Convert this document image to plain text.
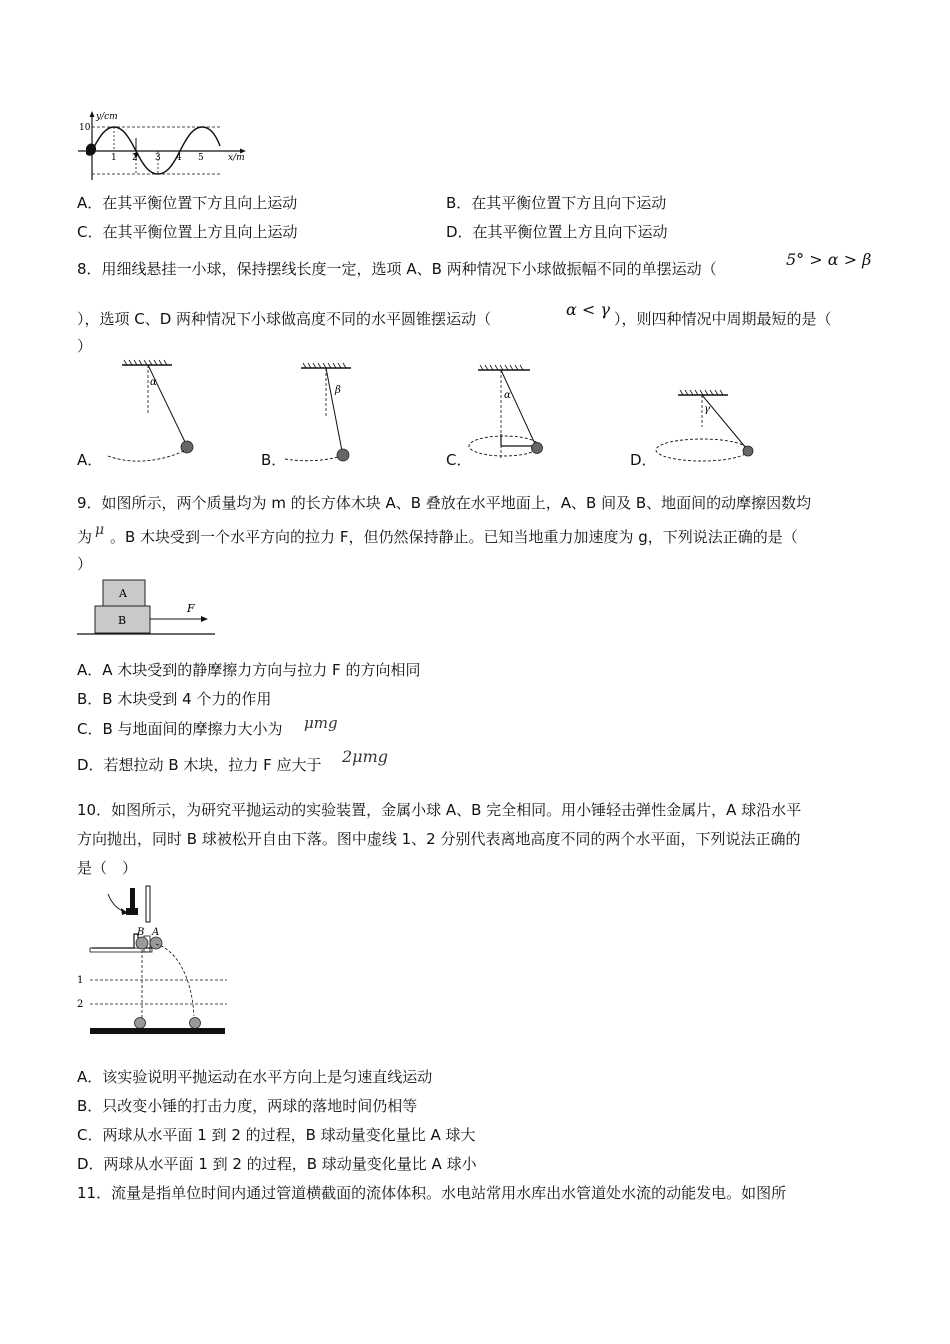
y/cm
10
x/m
1 2 3 4 5
A．在其平衡位置下方且向上运动	B．在其平衡位置下方且向下运动
C．在其平衡位置上方且向上运动	D．在其平衡位置上方且向下运动
8．用细线悬挂一小球，保持摆线长度一定，选项 A、B 两种情况下小球做振幅不同的单摆运动（	5° > α > β
），选项 C、D 两种情况下小球做高度不同的水平圆锥摆运动（	α < γ ），则四种情况中周期最短的是（
）
A．	B．	C．	D．
α
β	α
γ
9．如图所示，两个质量均为 m 的长方体木块 A、B 叠放在水平地面上，A、B 间及 B、地面间的动摩擦因数均
为 μ 。B 木块受到一个水平方向的拉力 F，但仍然保持静止。已知当地重力加速度为 g，下列说法正确的是（
）
A
B
F
A．A 木块受到的静摩擦力方向与拉力 F 的方向相同
B．B 木块受到 4 个力的作用
C．B 与地面间的摩擦力大小为 μmg
D．若想拉动 B 木块，拉力 F 应大于 2μmg
10．如图所示，为研究平抛运动的实验装置，金属小球 A、B 完全相同。用小锤轻击弹性金属片，A 球沿水平
方向抛出，同时 B 球被松开自由下落。图中虚线 1、2 分别代表离地高度不同的两个水平面，下列说法正确的
是（　）
B A
1
2
A．该实验说明平抛运动在水平方向上是匀速直线运动
B．只改变小锤的打击力度，两球的落地时间仍相等
C．两球从水平面 1 到 2 的过程，B 球动量变化量比 A 球大
D．两球从水平面 1 到 2 的过程，B 球动量变化量比 A 球小
11．流量是指单位时间内通过管道横截面的流体体积。水电站常用水库出水管道处水流的动能发电。如图所
